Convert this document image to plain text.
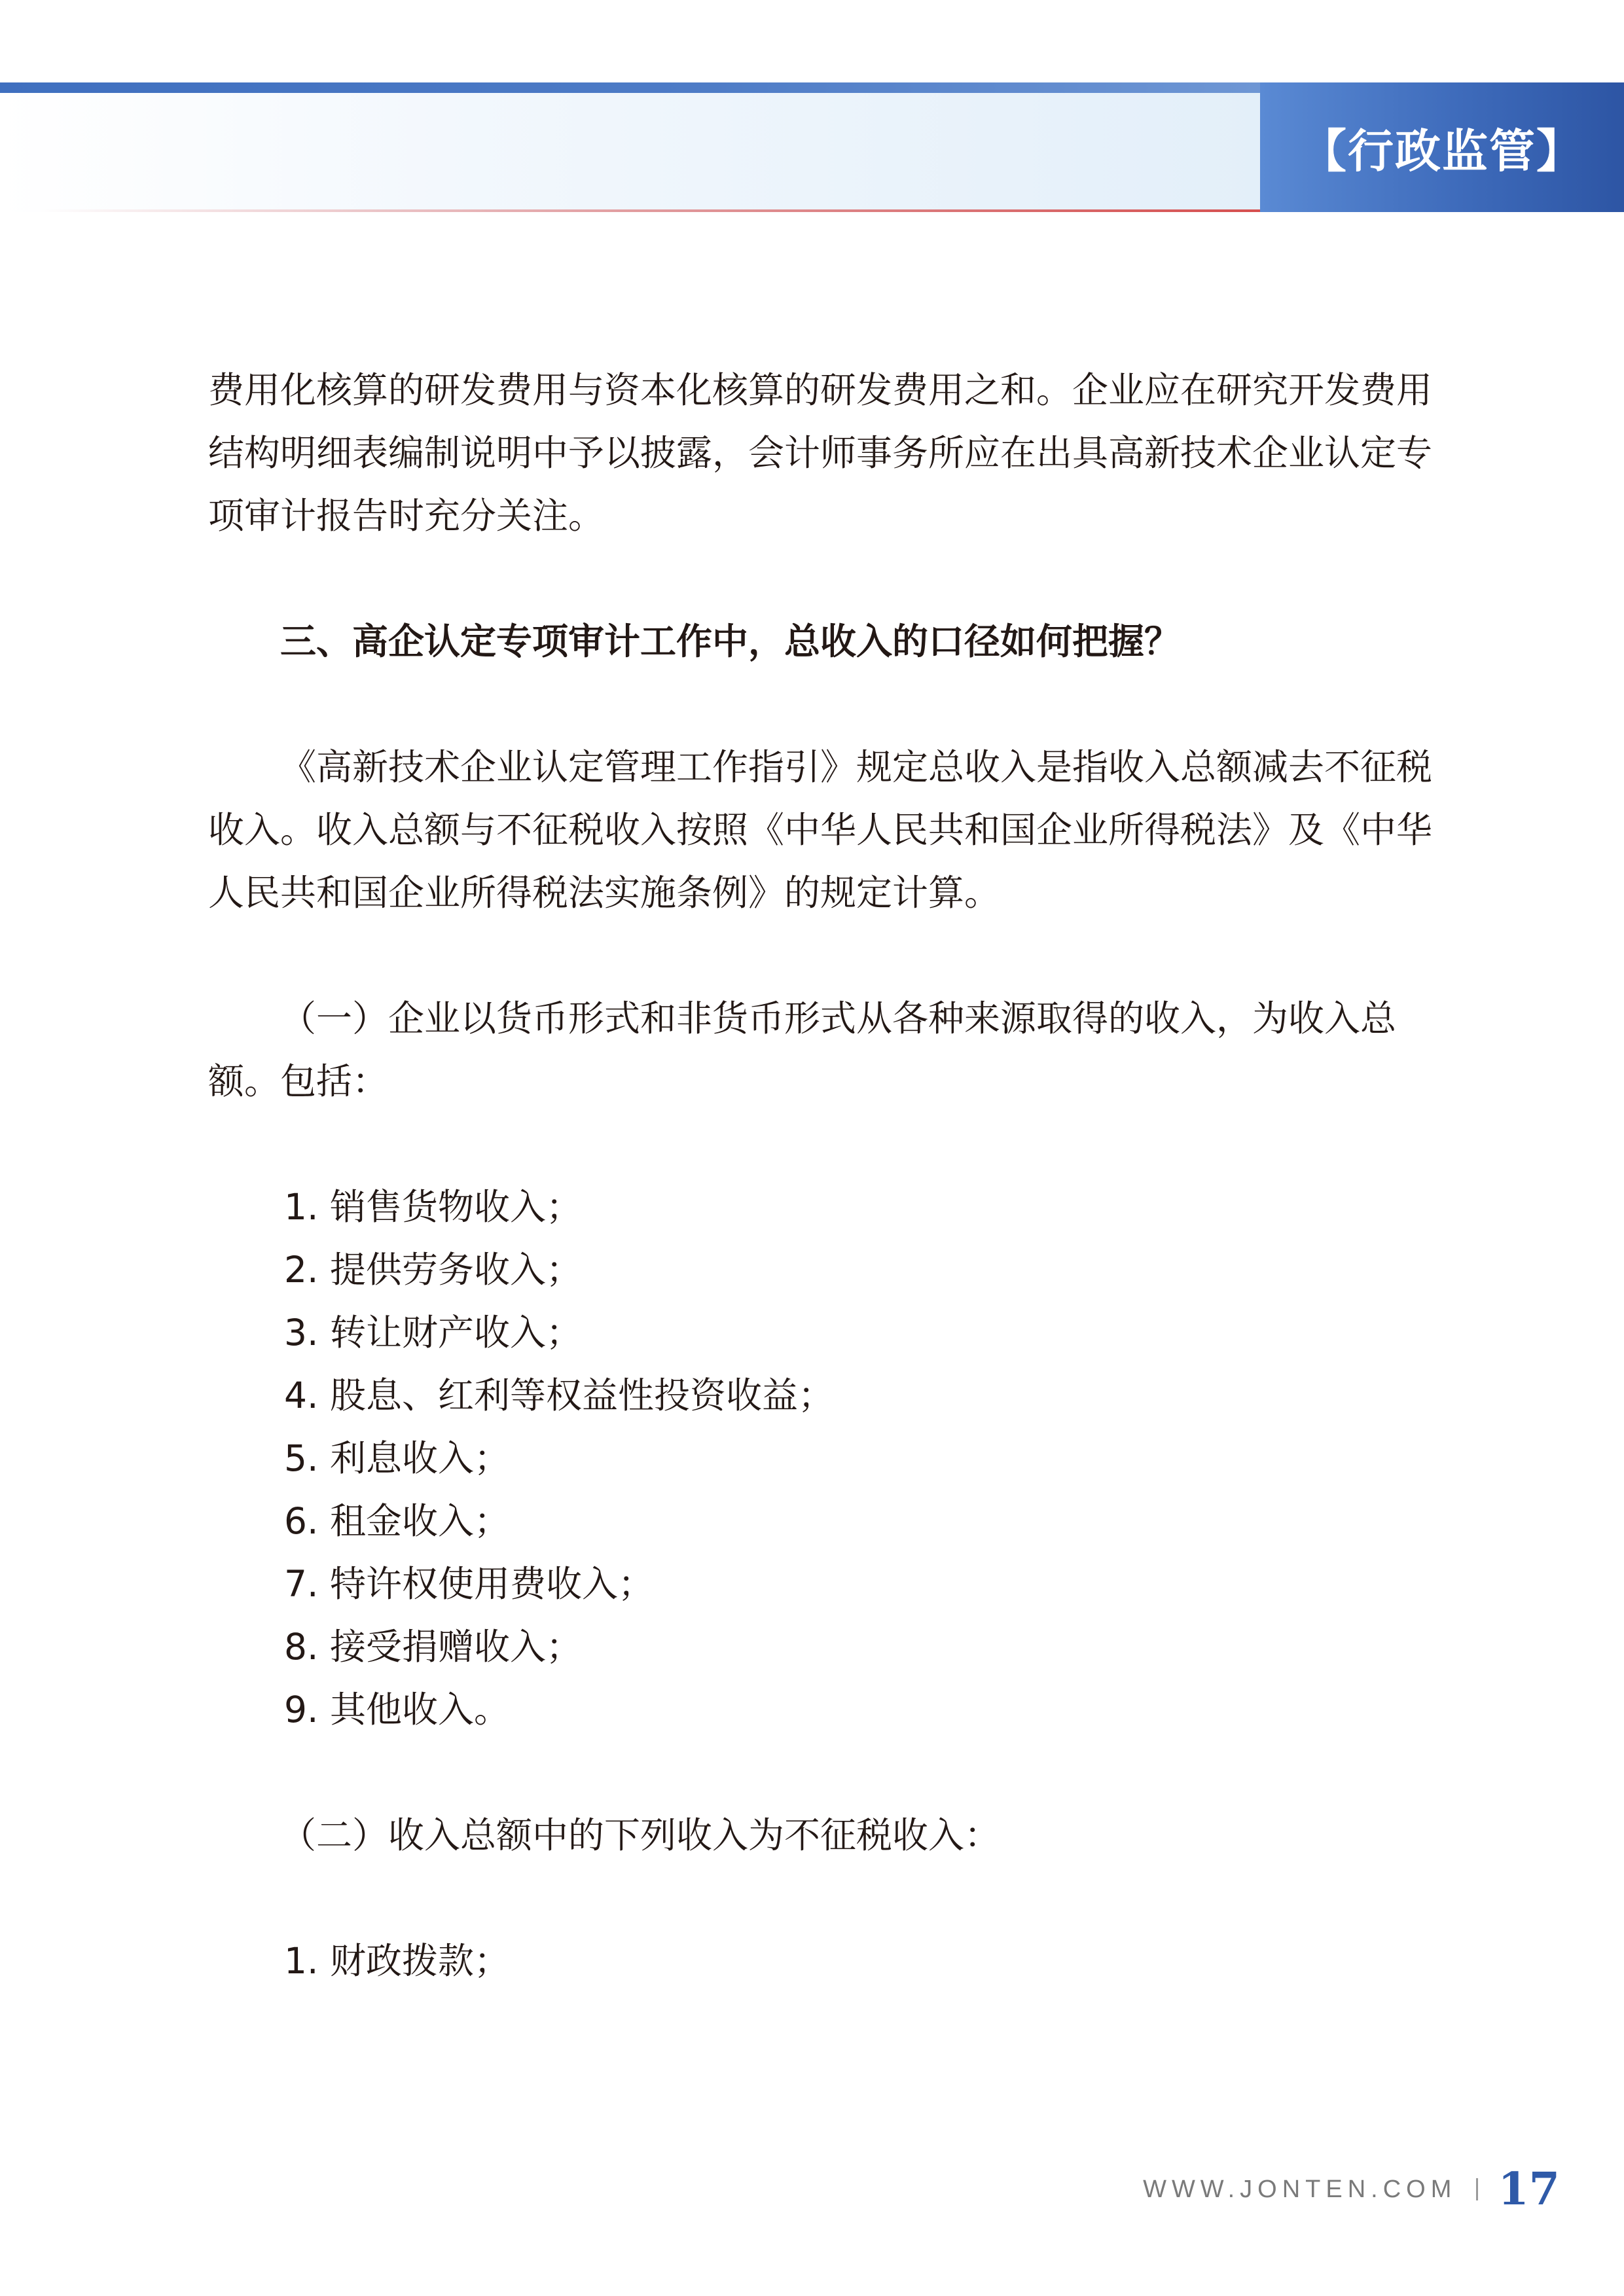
【行政监管】

费用化核算的研发费用与资本化核算的研发费用之和。企业应在研究开发费用结构明细表编制说明中予以披露，会计师事务所应在出具高新技术企业认定专项审计报告时充分关注。

三、高企认定专项审计工作中，总收入的口径如何把握？

《高新技术企业认定管理工作指引》规定总收入是指收入总额减去不征税收入。收入总额与不征税收入按照《中华人民共和国企业所得税法》及《中华人民共和国企业所得税法实施条例》的规定计算。

（一）企业以货币形式和非货币形式从各种来源取得的收入，为收入总额。包括：

1. 销售货物收入；

2. 提供劳务收入；

3. 转让财产收入；

4. 股息、红利等权益性投资收益；

5. 利息收入；

6. 租金收入；

7. 特许权使用费收入；

8. 接受捐赠收入；

9. 其他收入。

（二）收入总额中的下列收入为不征税收入：

1. 财政拨款；

WWW.JONTEN.COM 17
